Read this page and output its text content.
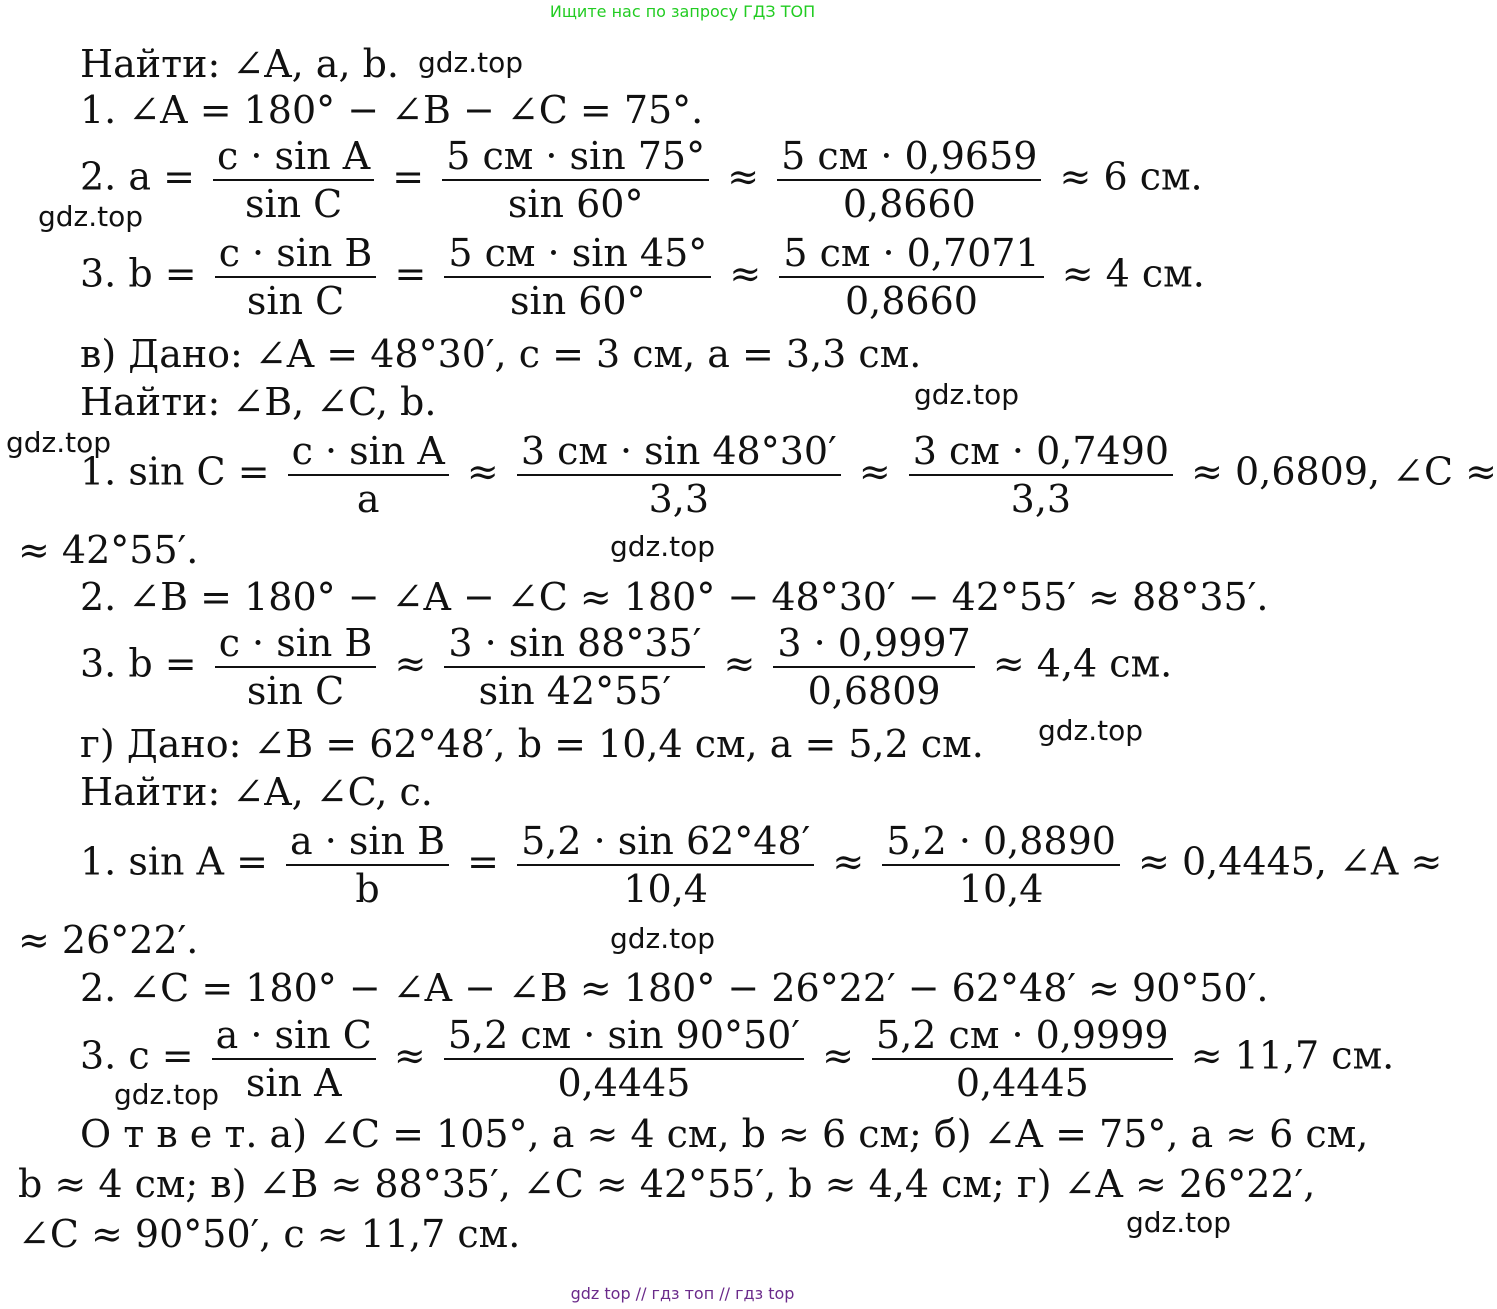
Ищите нас по запросу ГДЗ ТОП
Найти: ∠A, a, b.
1. ∠A = 180° − ∠B − ∠C = 75°.
2. $a = \frac{\text{c · sin A}}{\text{sin C}} = 5$ см · sin 75°
sin 60°
≈ 5 см · 0,9659
0,8660
≈ 6 см.
3. $b = \frac{\text{c · sin B}}{\text{sin C}} = 5$ см · sin 45°
sin 60°
≈ 5 см · 0,7071
0,8660
≈ 4 см.
в) Дано: ∠A = 48°30′, c = 3 см, a = 3,3 см.
Найти: ∠B, ∠C, b.
1. $\sin C = \frac{\text{c · sin A}}{a} \approx 3$ см · sin 48°30′
3,3
≈ 3 см · 0,7490
3,3
≈ 0,6809, ∠C ≈
≈ 42°55′.
2. ∠B = 180° − ∠A − ∠C ≈ 180° − 48°30′ − 42°55′ ≈ 88°35′.
3. $b = \frac{\text{c · sin B}}{\text{sin C}} \approx \frac{3 \cdot \sin 88^\circ 35'}{\sin 42^\circ 55'} \approx \frac{3 \cdot 0,9997}{0,6809} \approx 4,4$ см.
г) Дано: ∠B = 62°48′, b = 10,4 см, a = 5,2 см.
Найти: ∠A, ∠C, c.
1. $\sin A = \frac{\text{a · sin B}}{b} = \frac{5,2 \cdot \sin 62^\circ 48'}{10,4} \approx \frac{5,2 \cdot 0,8890}{10,4} \approx 0,4445$, ∠A ≈
≈ 26°22′.
2. ∠C = 180° − ∠A − ∠B ≈ 180° − 26°22′ − 62°48′ ≈ 90°50′.
3. $c = \frac{\text{a · sin C}}{\text{sin A}} \approx 5,2$ см · sin 90°50′
0,4445
≈ 5,2 см · 0,9999
0,4445
≈ 11,7 см.
О т в е т. а) ∠C = 105°, a ≈ 4 см, b ≈ 6 см; б) ∠A = 75°, a ≈ 6 см,
b ≈ 4 см; в) ∠B ≈ 88°35′, ∠C ≈ 42°55′, b ≈ 4,4 см; г) ∠A ≈ 26°22′,
∠C ≈ 90°50′, c ≈ 11,7 см.
gdz.top
gdz.top
gdz.top
gdz.top
gdz.top
gdz.top
gdz.top
gdz.top
gdz.top
gdz top // гдз топ // гдз top
